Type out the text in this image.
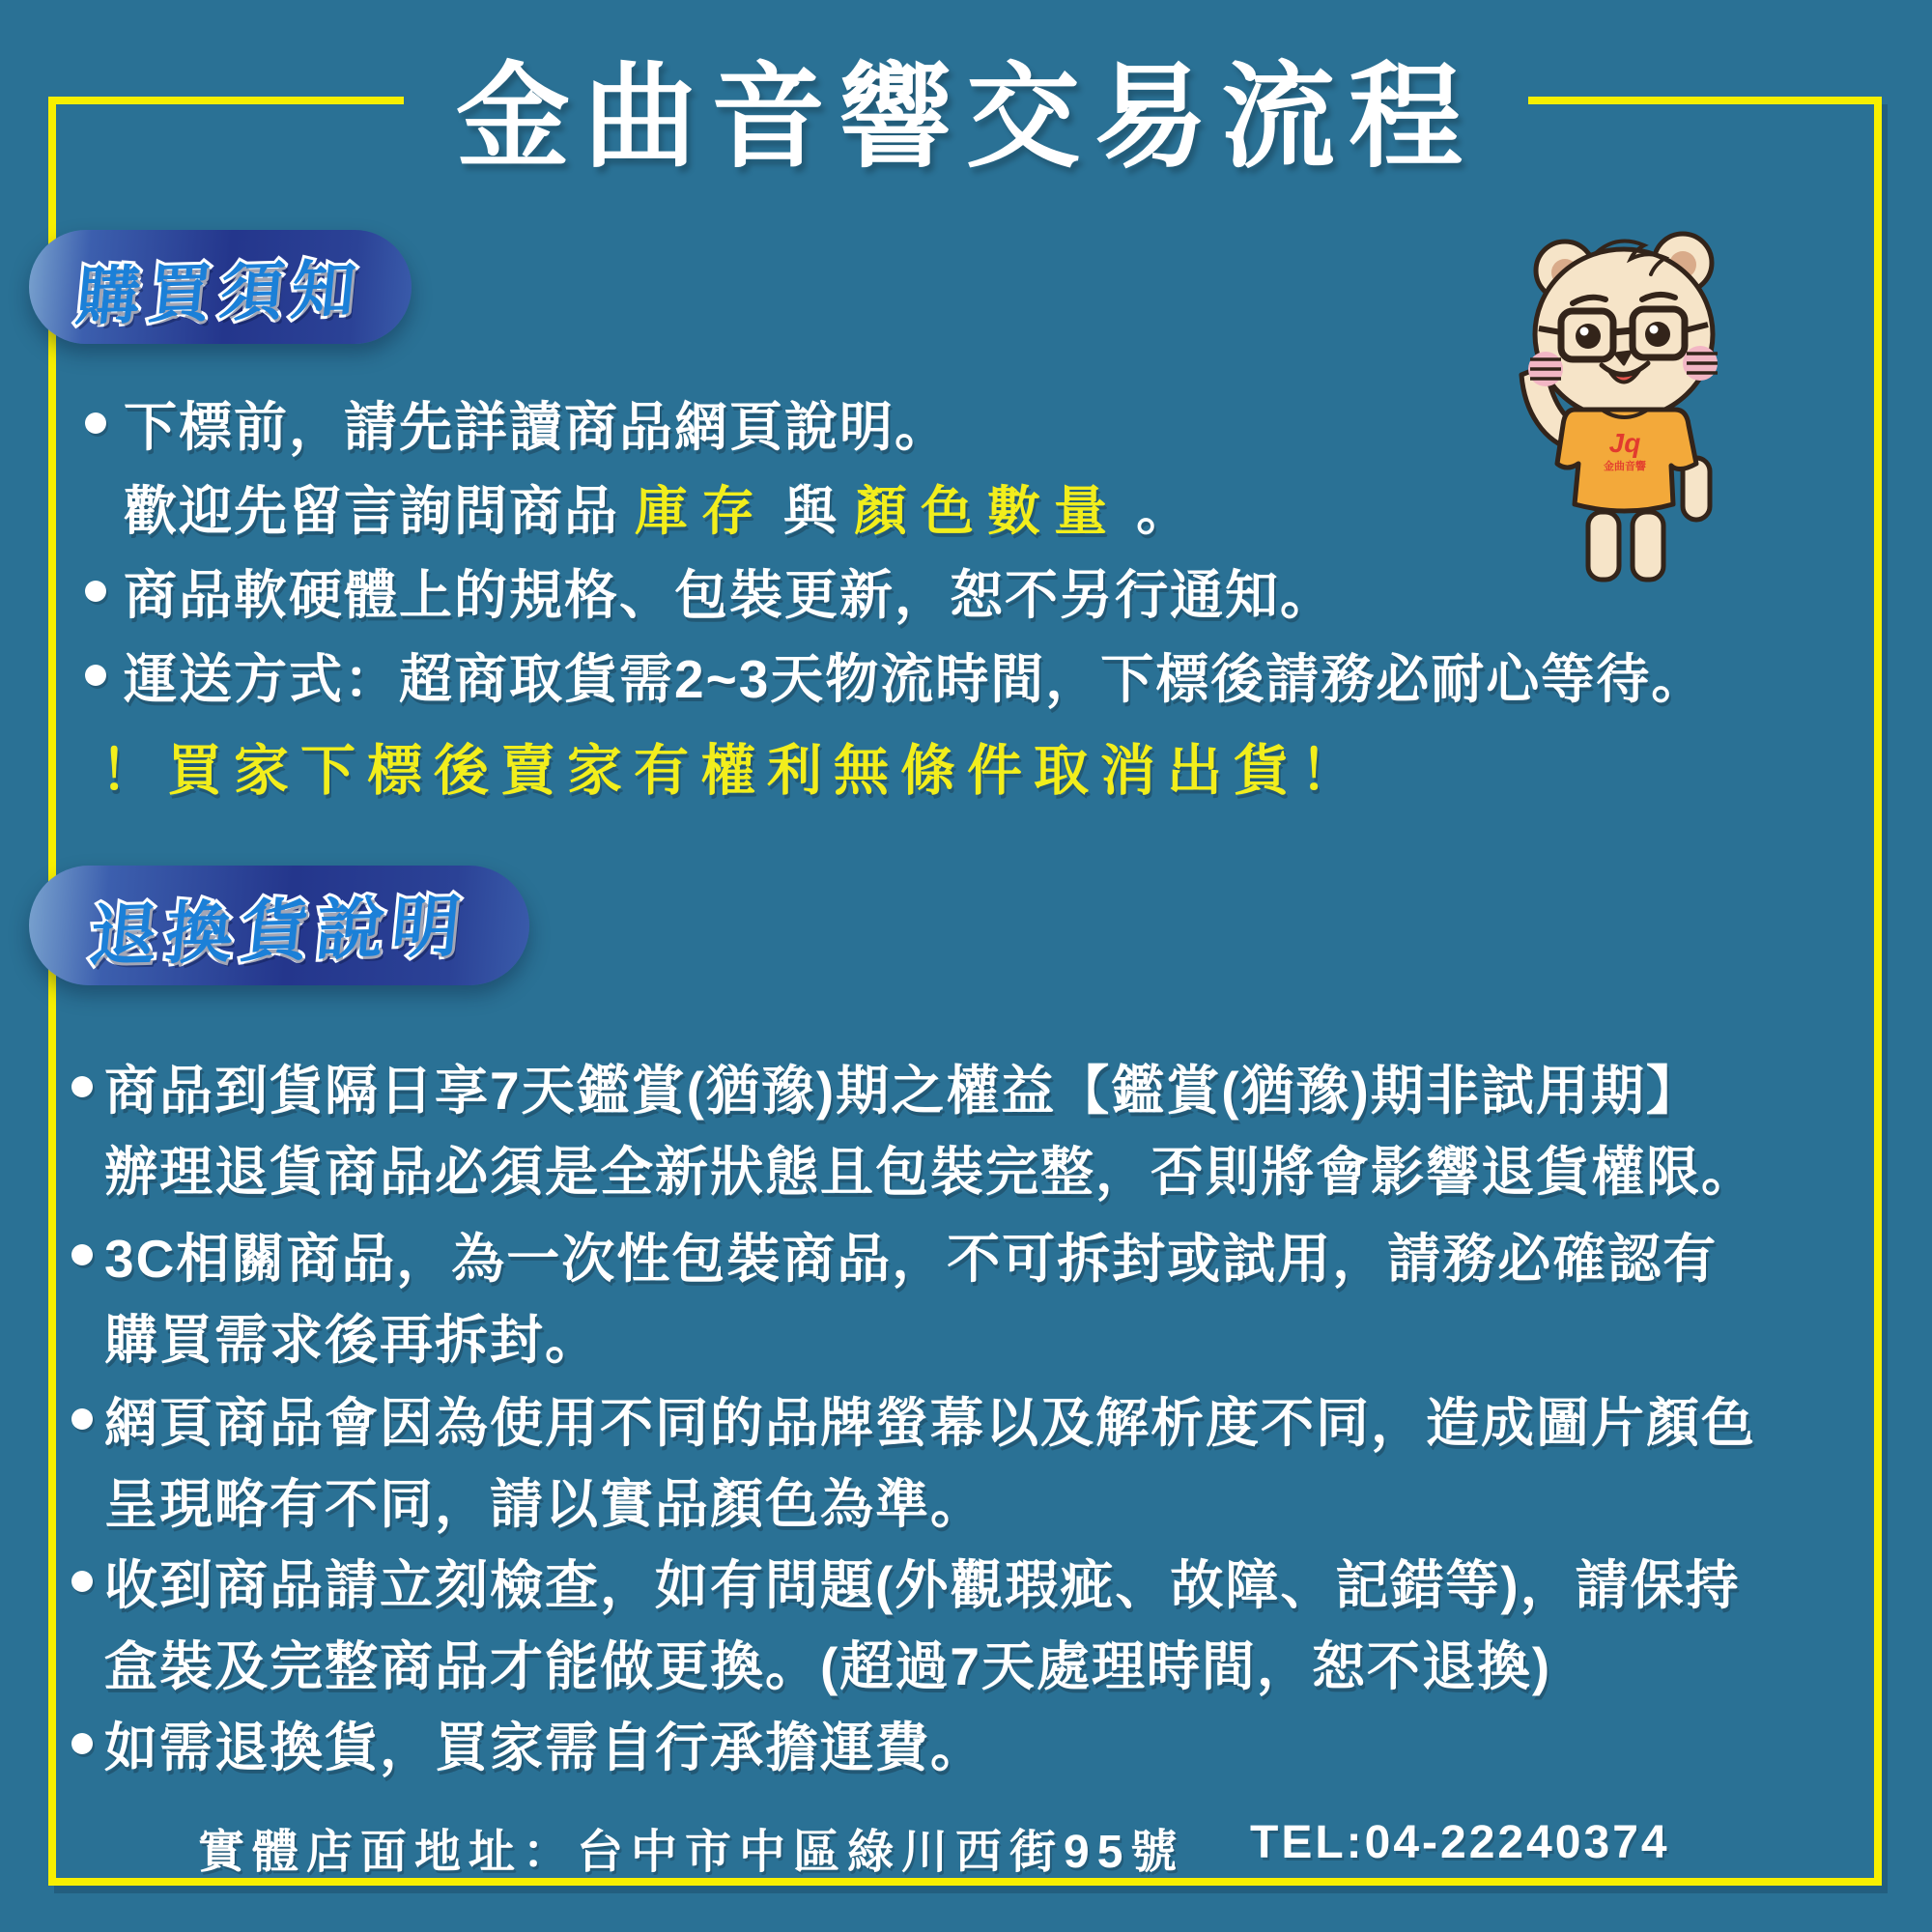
金曲音響交易流程
購買須知
下標前，請先詳讀商品網頁說明。
歡迎先留言詢問商品 庫存 與 顏色數量 。
商品軟硬體上的規格、包裝更新，恕不另行通知。
運送方式：超商取貨需2~3天物流時間，下標後請務必耐心等待。
！買家下標後賣家有權利無條件取消出貨！
退換貨說明
商品到貨隔日享7天鑑賞(猶豫)期之權益【鑑賞(猶豫)期非試用期】
辦理退貨商品必須是全新狀態且包裝完整，否則將會影響退貨權限。
3C相關商品，為一次性包裝商品，不可拆封或試用，請務必確認有
購買需求後再拆封。
網頁商品會因為使用不同的品牌螢幕以及解析度不同，造成圖片顏色
呈現略有不同，請以實品顏色為準。
收到商品請立刻檢查，如有問題(外觀瑕疵、故障、記錯等)，請保持
盒裝及完整商品才能做更換。(超過7天處理時間，恕不退換)
如需退換貨，買家需自行承擔運費。
實體店面地址：台中市中區綠川西街95號 TEL:04-22240374
Jq
金曲音響
